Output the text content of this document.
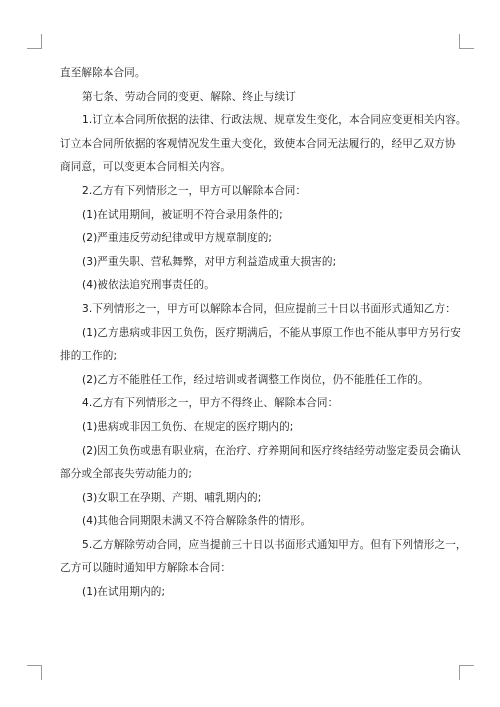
直至解除本合同。
第七条、劳动合同的变更、解除、终止与续订
1.订立本合同所依据的法律、行政法规、规章发生变化，本合同应变更相关内容。
订立本合同所依据的客观情况发生重大变化，致使本合同无法履行的，经甲乙双方协
商同意，可以变更本合同相关内容。
2.乙方有下列情形之一，甲方可以解除本合同：
(1)在试用期间，被证明不符合录用条件的;
(2)严重违反劳动纪律或甲方规章制度的;
(3)严重失职、营私舞弊，对甲方利益造成重大损害的;
(4)被依法追究刑事责任的。
3.下列情形之一，甲方可以解除本合同，但应提前三十日以书面形式通知乙方：
(1)乙方患病或非因工负伤，医疗期满后，不能从事原工作也不能从事甲方另行安
排的工作的;
(2)乙方不能胜任工作，经过培训或者调整工作岗位，仍不能胜任工作的。
4.乙方有下列情形之一，甲方不得终止、解除本合同：
(1)患病或非因工负伤、在规定的医疗期内的;
(2)因工负伤或患有职业病，在治疗、疗养期间和医疗终结经劳动鉴定委员会确认
部分或全部丧失劳动能力的;
(3)女职工在孕期、产期、哺乳期内的;
(4)其他合同期限未满又不符合解除条件的情形。
5.乙方解除劳动合同，应当提前三十日以书面形式通知甲方。但有下列情形之一，
乙方可以随时通知甲方解除本合同：
(1)在试用期内的;
